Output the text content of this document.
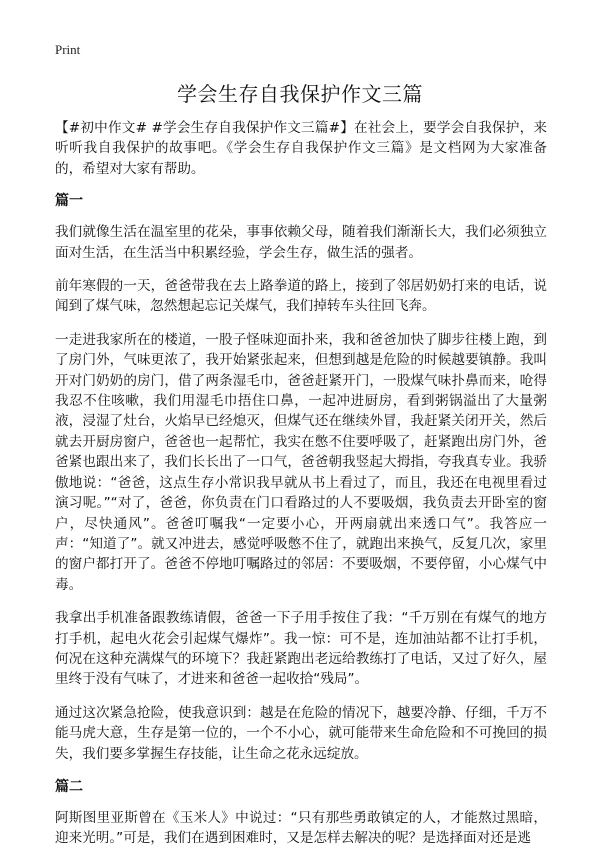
Print
学会生存自我保护作文三篇

【#初中作文# #学会生存自我保护作文三篇#】在社会上，要学会自我保护，来听听我自我保护的故事吧。《学会生存自我保护作文三篇》是文档网为大家准备的，希望对大家有帮助。

篇一

我们就像生活在温室里的花朵，事事依赖父母，随着我们渐渐长大，我们必须独立面对生活，在生活当中积累经验，学会生存，做生活的强者。

前年寒假的一天，爸爸带我在去上路拳道的路上，接到了邻居奶奶打来的电话，说闻到了煤气味，忽然想起忘记关煤气，我们掉转车头往回飞奔。

一走进我家所在的楼道，一股子怪味迎面扑来，我和爸爸加快了脚步往楼上跑，到了房门外，气味更浓了，我开始紧张起来，但想到越是危险的时候越要镇静。我叫开对门奶奶的房门，借了两条湿毛巾，爸爸赶紧开门，一股煤气味扑鼻而来，呛得我忍不住咳嗽，我们用湿毛巾捂住口鼻，一起冲进厨房，看到粥锅溢出了大量粥液，浸湿了灶台，火焰早已经熄灭，但煤气还在继续外冒，我赶紧关闭开关，然后就去开厨房窗户，爸爸也一起帮忙，我实在憋不住要呼吸了，赶紧跑出房门外，爸爸紧也跟出来了，我们长长出了一口气，爸爸朝我竖起大拇指，夸我真专业。我骄傲地说：“爸爸，这点生存小常识我早就从书上看过了，而且，我还在电视里看过演习呢。”“对了，爸爸，你负责在门口看路过的人不要吸烟，我负责去开卧室的窗户，尽快通风”。爸爸叮嘱我“一定要小心，开两扇就出来透口气”。我答应一声：“知道了”。就又冲进去，感觉呼吸憋不住了，就跑出来换气，反复几次，家里的窗户都打开了。爸爸不停地叮嘱路过的邻居：不要吸烟，不要停留，小心煤气中毒。

我拿出手机准备跟教练请假，爸爸一下子用手按住了我：“千万别在有煤气的地方打手机，起电火花会引起煤气爆炸”。我一惊：可不是，连加油站都不让打手机，何况在这种充满煤气的环境下？我赶紧跑出老远给教练打了电话，又过了好久，屋里终于没有气味了，才进来和爸爸一起收拾“残局”。

通过这次紧急抢险，使我意识到：越是在危险的情况下，越要冷静、仔细，千万不能马虎大意，生存是第一位的，一个不小心，就可能带来生命危险和不可挽回的损失，我们要多掌握生存技能，让生命之花永远绽放。

篇二

阿斯图里亚斯曾在《玉米人》中说过：“只有那些勇敢镇定的人，才能熬过黑暗，迎来光明。”可是，我们在遇到困难时，又是怎样去解决的呢？是选择面对还是逃
